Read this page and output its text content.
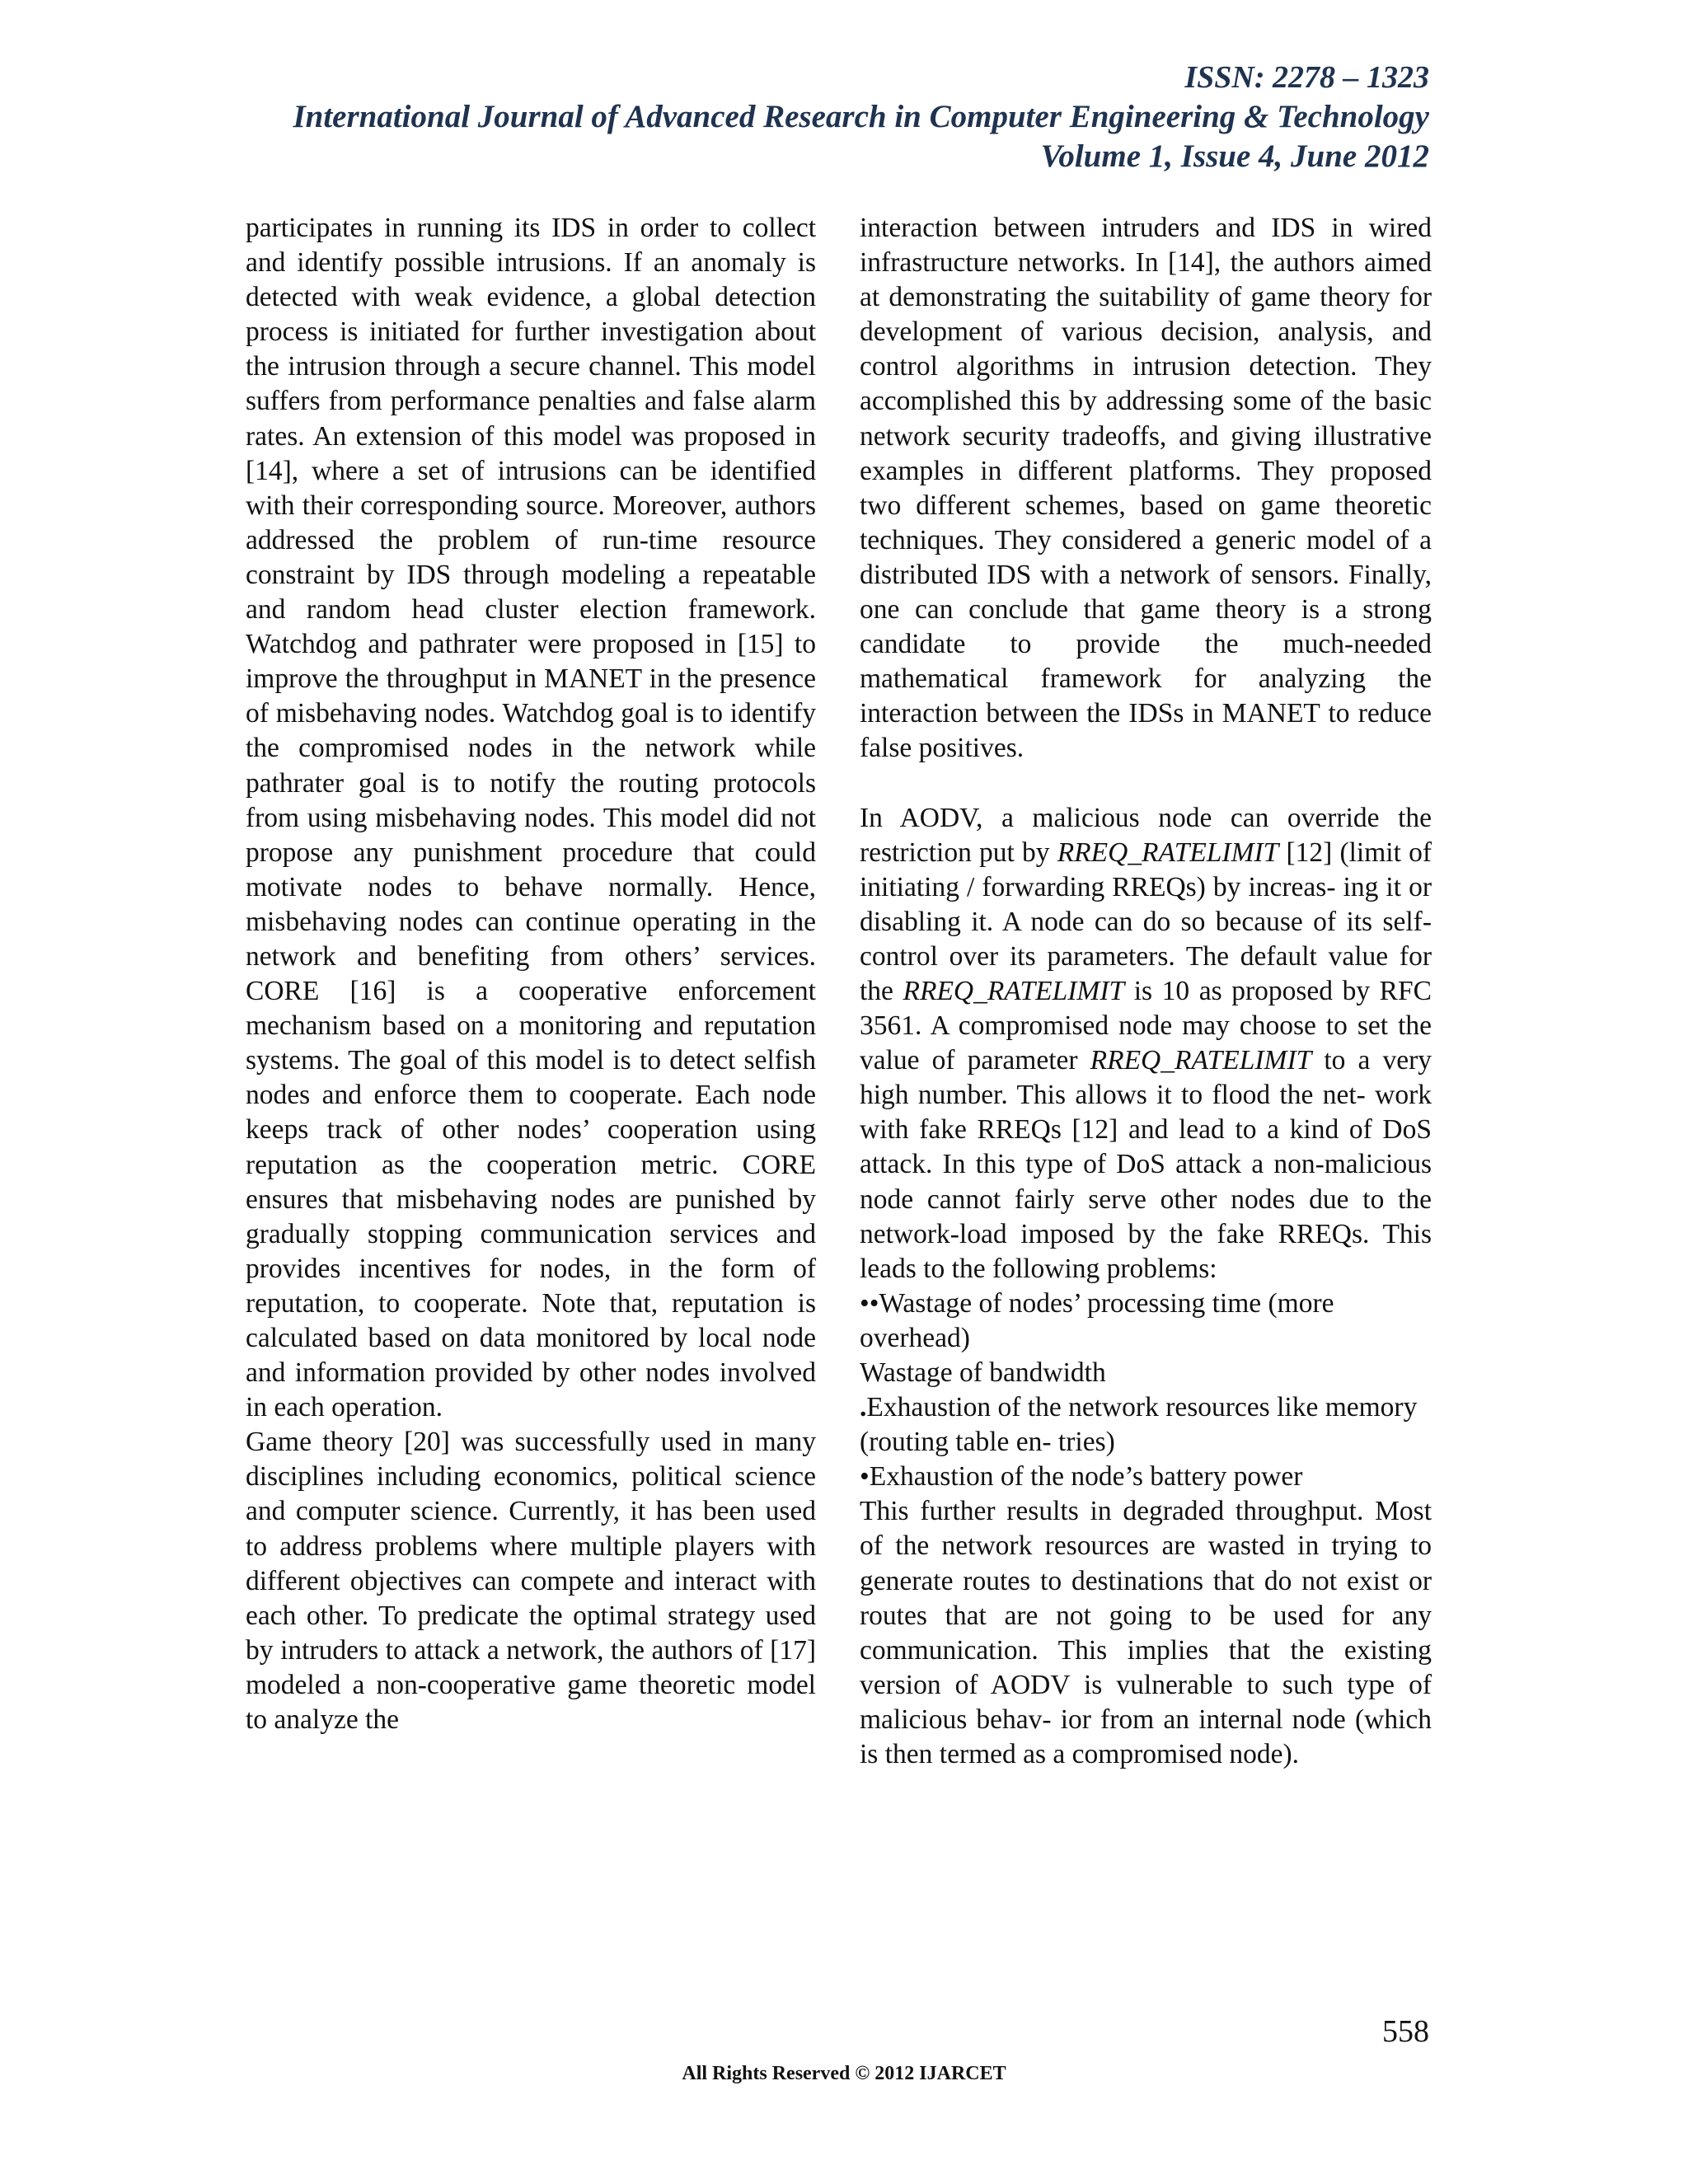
ISSN: 2278 – 1323
International Journal of Advanced Research in Computer Engineering & Technology
Volume 1, Issue 4, June 2012

participates in running its IDS in order to collect and identify possible intrusions. If an anomaly is detected with weak evidence, a global detection process is initiated for further investigation about the intrusion through a secure channel. This model suffers from performance penalties and false alarm rates. An extension of this model was proposed in [14], where a set of intrusions can be identified with their corresponding source. Moreover, authors addressed the problem of run-time resource constraint by IDS through modeling a repeatable and random head cluster election framework. Watchdog and pathrater were proposed in [15] to improve the throughput in MANET in the presence of misbehaving nodes. Watchdog goal is to identify the compromised nodes in the network while pathrater goal is to notify the routing protocols from using misbehaving nodes. This model did not propose any punishment procedure that could motivate nodes to behave normally. Hence, misbehaving nodes can continue operating in the network and benefiting from others’ services. CORE [16] is a cooperative enforcement mechanism based on a monitoring and reputation systems. The goal of this model is to detect selfish nodes and enforce them to cooperate. Each node keeps track of other nodes’ cooperation using reputation as the cooperation metric. CORE ensures that misbehaving nodes are punished by gradually stopping communication services and provides incentives for nodes, in the form of reputation, to cooperate. Note that, reputation is calculated based on data monitored by local node and information provided by other nodes involved in each operation.

Game theory [20] was successfully used in many disciplines including economics, political science and computer science. Currently, it has been used to address problems where multiple players with different objectives can compete and interact with each other. To predicate the optimal strategy used by intruders to attack a network, the authors of [17] modeled a non-cooperative game theoretic model to analyze the

interaction between intruders and IDS in wired infrastructure networks. In [14], the authors aimed at demonstrating the suitability of game theory for development of various decision, analysis, and control algorithms in intrusion detection. They accomplished this by addressing some of the basic network security tradeoffs, and giving illustrative examples in different platforms. They proposed two different schemes, based on game theoretic techniques. They considered a generic model of a distributed IDS with a network of sensors. Finally, one can conclude that game theory is a strong candidate to provide the much-needed mathematical framework for analyzing the interaction between the IDSs in MANET to reduce false positives.

In AODV, a malicious node can override the restriction put by RREQ_RATELIMIT [12] (limit of initiating / forwarding RREQs) by increas- ing it or disabling it. A node can do so because of its self-control over its parameters. The default value for the RREQ_RATELIMIT is 10 as proposed by RFC 3561. A compromised node may choose to set the value of parameter RREQ_RATELIMIT to a very high number. This allows it to flood the net- work with fake RREQs [12] and lead to a kind of DoS attack. In this type of DoS attack a non-malicious node cannot fairly serve other nodes due to the network-load imposed by the fake RREQs. This leads to the following problems:

••Wastage of nodes’ processing time (more overhead)

Wastage of bandwidth

.Exhaustion of the network resources like memory (routing table en- tries)

•Exhaustion of the node’s battery power

This further results in degraded throughput. Most of the network resources are wasted in trying to generate routes to destinations that do not exist or routes that are not going to be used for any communication. This implies that the existing version of AODV is vulnerable to such type of malicious behav- ior from an internal node (which is then termed as a compromised node).

558
All Rights Reserved © 2012 IJARCET
